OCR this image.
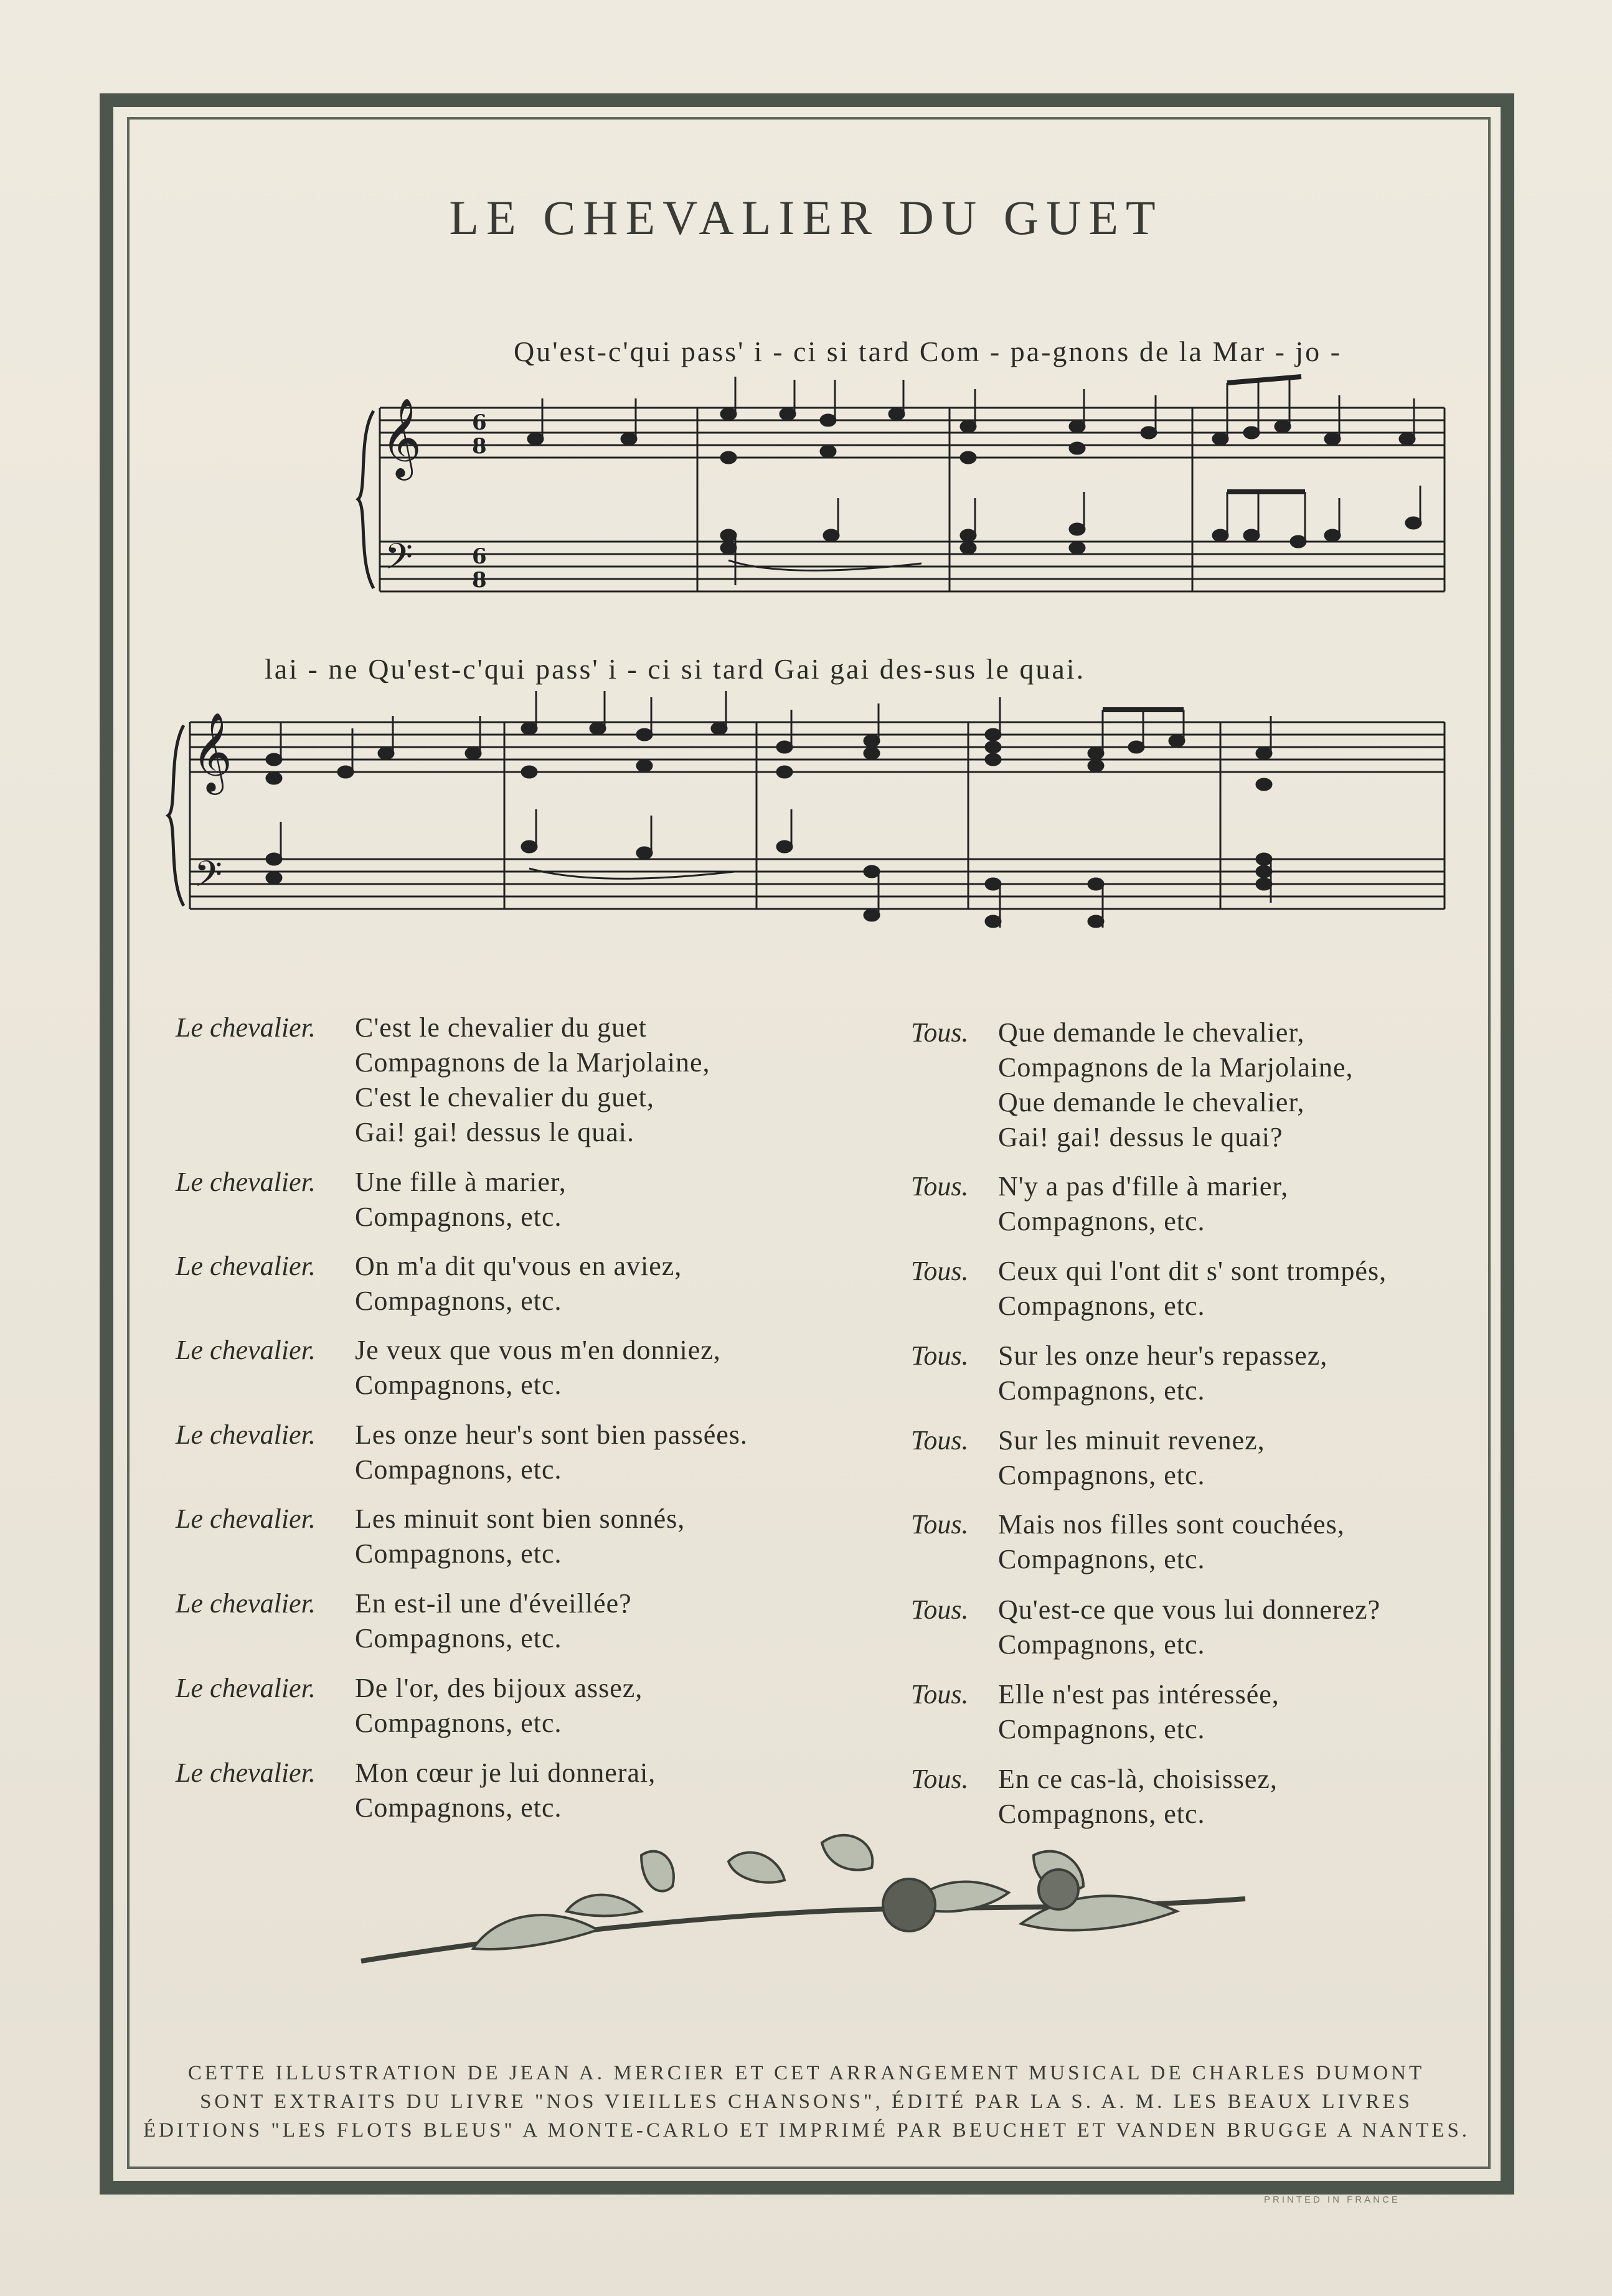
LE CHEVALIER DU GUET
Qu'est-c'qui pass' i - ci si tard Com - pa-gnons de la Mar - jo -
lai - ne Qu'est-c'qui pass' i - ci si tard Gai gai des-sus le quai.
𝄞
𝄢
6
8
6
8
𝄞
𝄢
CETTE ILLUSTRATION DE JEAN A. MERCIER ET CET ARRANGEMENT MUSICAL DE CHARLES DUMONT
SONT EXTRAITS DU LIVRE "NOS VIEILLES CHANSONS", ÉDITÉ PAR LA S. A. M. LES BEAUX LIVRES
ÉDITIONS "LES FLOTS BLEUS" A MONTE-CARLO ET IMPRIMÉ PAR BEUCHET ET VANDEN BRUGGE A NANTES.
PRINTED IN FRANCE
Le chevalier. C'est le chevalier du guet
Compagnons de la Marjolaine,
C'est le chevalier du guet,
Gai! gai! dessus le quai.
Le chevalier. Une fille à marier,
Compagnons, etc.
Le chevalier. On m'a dit qu'vous en aviez,
Compagnons, etc.
Le chevalier. Je veux que vous m'en donniez,
Compagnons, etc.
Le chevalier. Les onze heur's sont bien passées.
Compagnons, etc.
Le chevalier. Les minuit sont bien sonnés,
Compagnons, etc.
Le chevalier. En est-il une d'éveillée?
Compagnons, etc.
Le chevalier. De l'or, des bijoux assez,
Compagnons, etc.
Le chevalier. Mon cœur je lui donnerai,
Compagnons, etc.
Tous. Que demande le chevalier,
Compagnons de la Marjolaine,
Que demande le chevalier,
Gai! gai! dessus le quai?
Tous. N'y a pas d'fille à marier,
Compagnons, etc.
Tous. Ceux qui l'ont dit s' sont trompés,
Compagnons, etc.
Tous. Sur les onze heur's repassez,
Compagnons, etc.
Tous. Sur les minuit revenez,
Compagnons, etc.
Tous. Mais nos filles sont couchées,
Compagnons, etc.
Tous. Qu'est-ce que vous lui donnerez?
Compagnons, etc.
Tous. Elle n'est pas intéressée,
Compagnons, etc.
Tous. En ce cas-là, choisissez,
Compagnons, etc.
